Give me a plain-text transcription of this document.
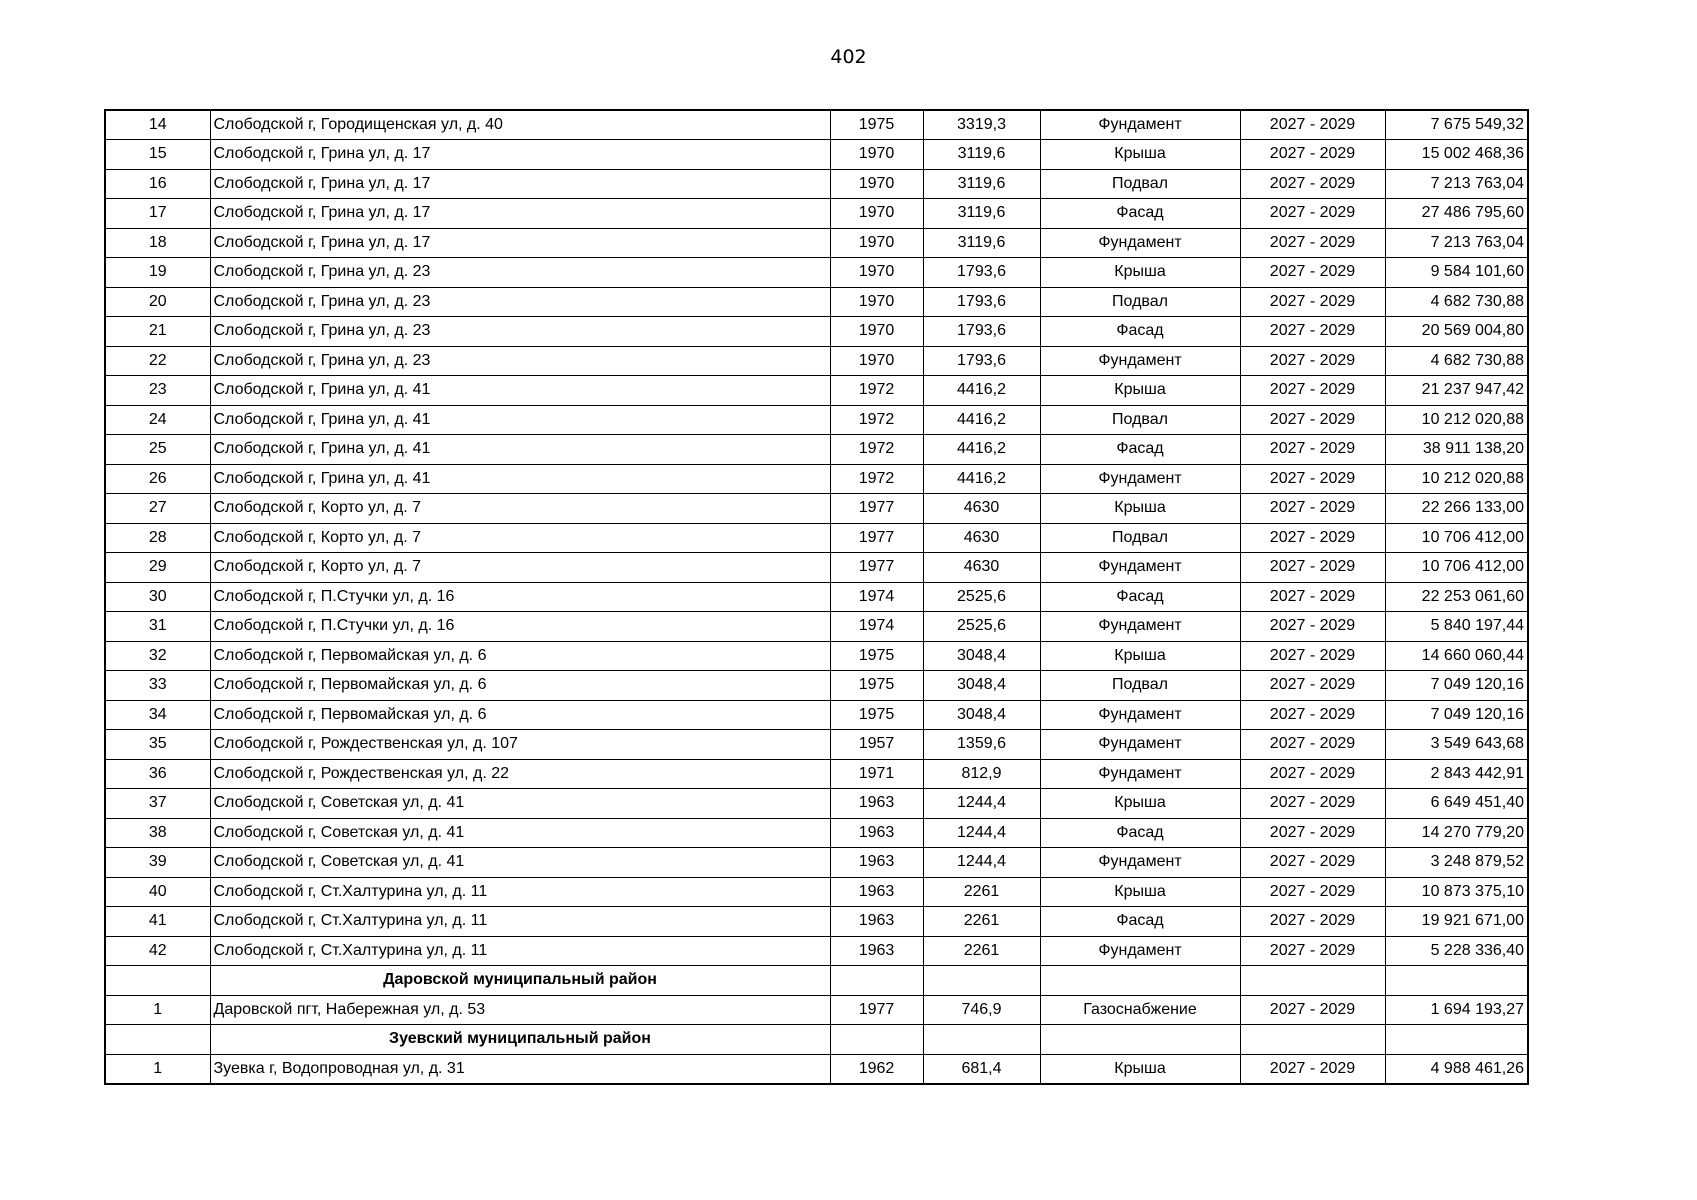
402
14	Слободской г, Городищенская ул, д. 40	1975	3319,3	Фундамент	2027 - 2029	7 675 549,32
15	Слободской г, Грина ул, д. 17	1970	3119,6	Крыша	2027 - 2029	15 002 468,36
16	Слободской г, Грина ул, д. 17	1970	3119,6	Подвал	2027 - 2029	7 213 763,04
17	Слободской г, Грина ул, д. 17	1970	3119,6	Фасад	2027 - 2029	27 486 795,60
18	Слободской г, Грина ул, д. 17	1970	3119,6	Фундамент	2027 - 2029	7 213 763,04
19	Слободской г, Грина ул, д. 23	1970	1793,6	Крыша	2027 - 2029	9 584 101,60
20	Слободской г, Грина ул, д. 23	1970	1793,6	Подвал	2027 - 2029	4 682 730,88
21	Слободской г, Грина ул, д. 23	1970	1793,6	Фасад	2027 - 2029	20 569 004,80
22	Слободской г, Грина ул, д. 23	1970	1793,6	Фундамент	2027 - 2029	4 682 730,88
23	Слободской г, Грина ул, д. 41	1972	4416,2	Крыша	2027 - 2029	21 237 947,42
24	Слободской г, Грина ул, д. 41	1972	4416,2	Подвал	2027 - 2029	10 212 020,88
25	Слободской г, Грина ул, д. 41	1972	4416,2	Фасад	2027 - 2029	38 911 138,20
26	Слободской г, Грина ул, д. 41	1972	4416,2	Фундамент	2027 - 2029	10 212 020,88
27	Слободской г, Корто ул, д. 7	1977	4630	Крыша	2027 - 2029	22 266 133,00
28	Слободской г, Корто ул, д. 7	1977	4630	Подвал	2027 - 2029	10 706 412,00
29	Слободской г, Корто ул, д. 7	1977	4630	Фундамент	2027 - 2029	10 706 412,00
30	Слободской г, П.Стучки ул, д. 16	1974	2525,6	Фасад	2027 - 2029	22 253 061,60
31	Слободской г, П.Стучки ул, д. 16	1974	2525,6	Фундамент	2027 - 2029	5 840 197,44
32	Слободской г, Первомайская ул, д. 6	1975	3048,4	Крыша	2027 - 2029	14 660 060,44
33	Слободской г, Первомайская ул, д. 6	1975	3048,4	Подвал	2027 - 2029	7 049 120,16
34	Слободской г, Первомайская ул, д. 6	1975	3048,4	Фундамент	2027 - 2029	7 049 120,16
35	Слободской г, Рождественская ул, д. 107	1957	1359,6	Фундамент	2027 - 2029	3 549 643,68
36	Слободской г, Рождественская ул, д. 22	1971	812,9	Фундамент	2027 - 2029	2 843 442,91
37	Слободской г, Советская ул, д. 41	1963	1244,4	Крыша	2027 - 2029	6 649 451,40
38	Слободской г, Советская ул, д. 41	1963	1244,4	Фасад	2027 - 2029	14 270 779,20
39	Слободской г, Советская ул, д. 41	1963	1244,4	Фундамент	2027 - 2029	3 248 879,52
40	Слободской г, Ст.Халтурина ул, д. 11	1963	2261	Крыша	2027 - 2029	10 873 375,10
41	Слободской г, Ст.Халтурина ул, д. 11	1963	2261	Фасад	2027 - 2029	19 921 671,00
42	Слободской г, Ст.Халтурина ул, д. 11	1963	2261	Фундамент	2027 - 2029	5 228 336,40
	Даровской муниципальный район					
1	Даровской пгт, Набережная ул, д. 53	1977	746,9	Газоснабжение	2027 - 2029	1 694 193,27
	Зуевский муниципальный район					
1	Зуевка г, Водопроводная ул, д. 31	1962	681,4	Крыша	2027 - 2029	4 988 461,26
